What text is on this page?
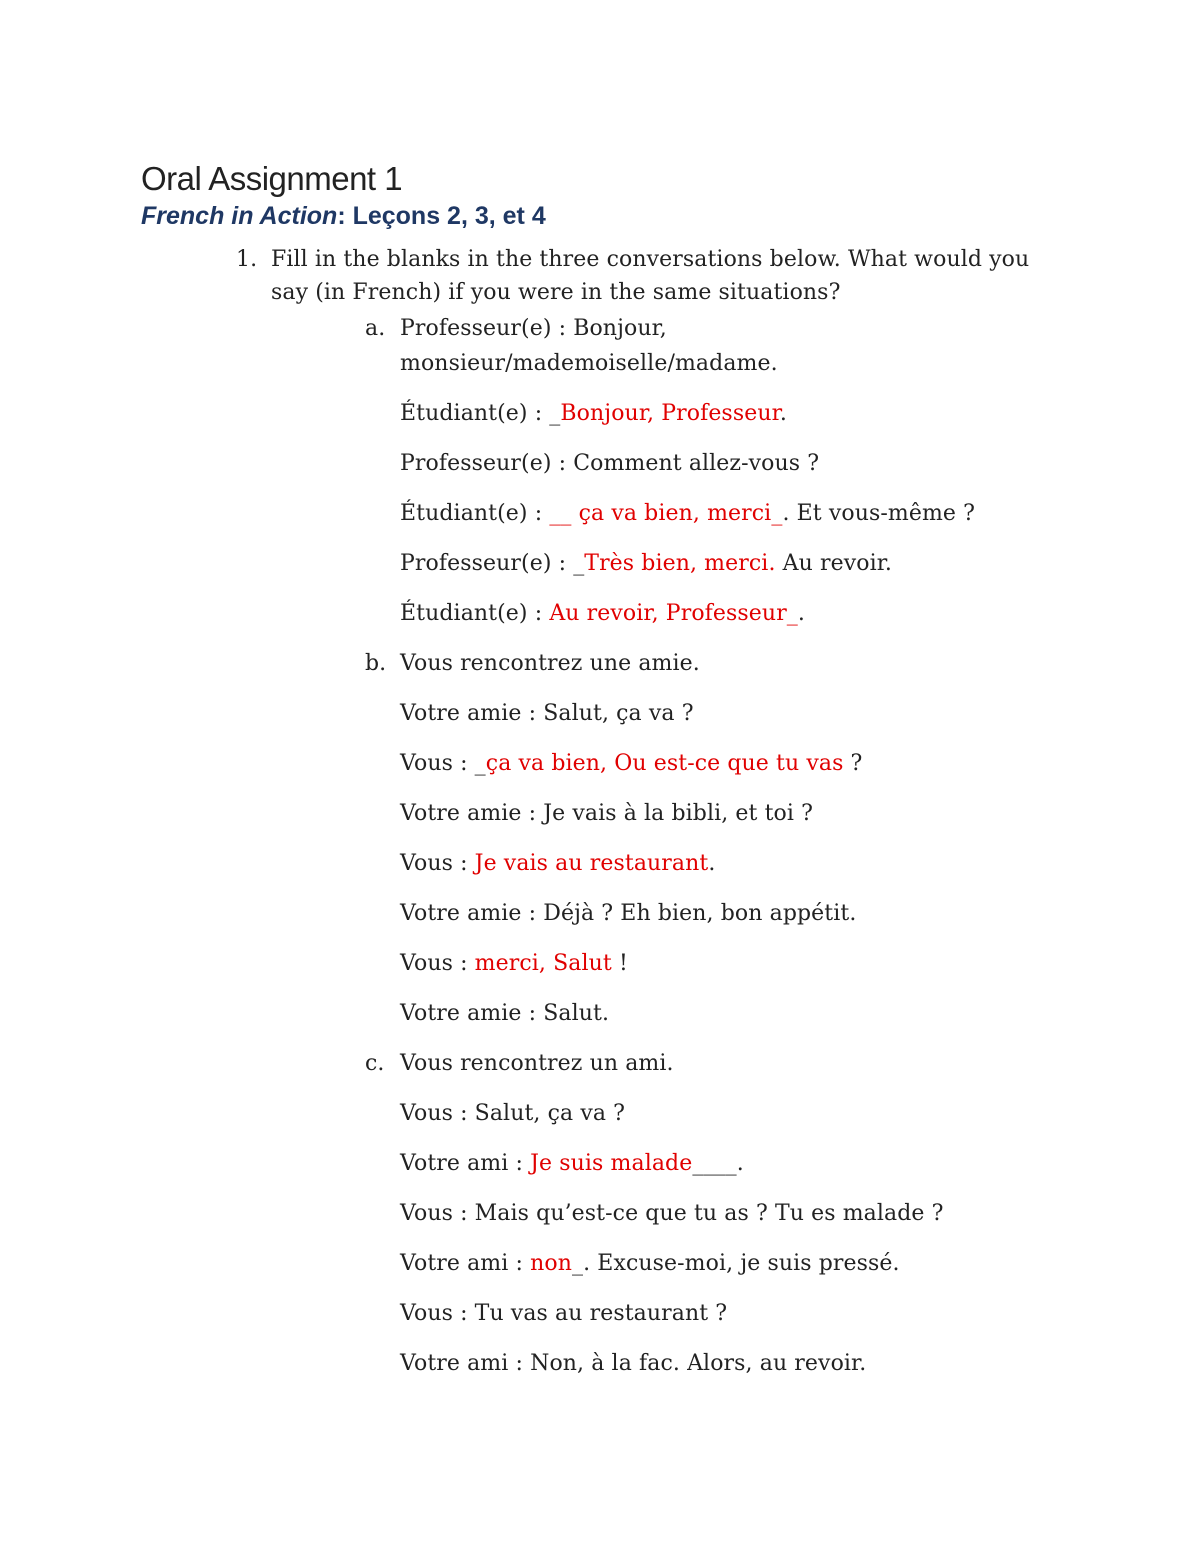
Oral Assignment 1
French in Action: Leçons 2, 3, et 4
1. Fill in the blanks in the three conversations below. What would you say (in French) if you were in the same situations?
a. Professeur(e) : Bonjour,
monsieur/mademoiselle/madame.
Étudiant(e) : _Bonjour, Professeur.
Professeur(e) : Comment allez-vous ?
Étudiant(e) : __ ça va bien, merci_. Et vous-même ?
Professeur(e) : _Très bien, merci. Au revoir.
Étudiant(e) : Au revoir, Professeur_.
b. Vous rencontrez une amie.
Votre amie : Salut, ça va ?
Vous : _ça va bien, Ou est-ce que tu vas ?
Votre amie : Je vais à la bibli, et toi ?
Vous : Je vais au restaurant.
Votre amie : Déjà ? Eh bien, bon appétit.
Vous : merci, Salut !
Votre amie : Salut.
c. Vous rencontrez un ami.
Vous : Salut, ça va ?
Votre ami : Je suis malade____.
Vous : Mais qu’est-ce que tu as ? Tu es malade ?
Votre ami : non_. Excuse-moi, je suis pressé.
Vous : Tu vas au restaurant ?
Votre ami : Non, à la fac. Alors, au revoir.
